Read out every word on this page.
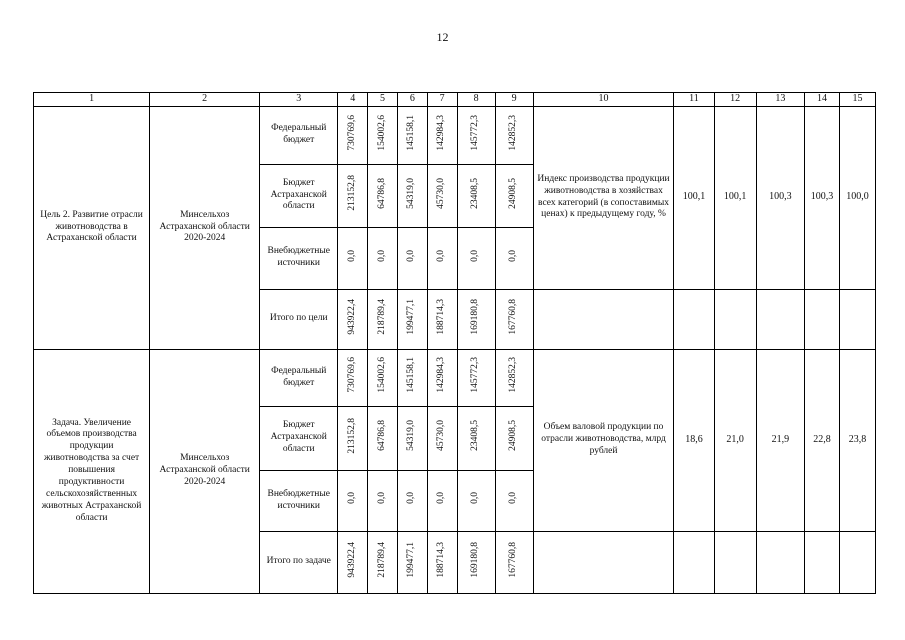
12
1	2	3	4	5	6	7	8	9	10	11	12	13	14	15
Цель 2. Развитие отрасли животноводства в Астраханской области	Минсельхоз Астраханской области 2020-2024	Федеральный бюджет	730769,6	154002,6	145158,1	142984,3	145772,3	142852,3	Индекс производства продукции животноводства в хозяйствах всех категорий (в сопоставимых ценах) к предыдущему году, %	100,1	100,1	100,3	100,3	100,0
		Бюджет Астраханской области	213152,8	64786,8	54319,0	45730,0	23408,5	24908,5						
		Внебюджетные источники	0,0	0,0	0,0	0,0	0,0	0,0						
		Итого по цели	943922,4	218789,4	199477,1	188714,3	169180,8	167760,8						
Задача. Увеличение объемов производства продукции животноводства за счет повышения продуктивности сельскохозяйственных животных Астраханской области	Минсельхоз Астраханской области 2020-2024	Федеральный бюджет	730769,6	154002,6	145158,1	142984,3	145772,3	142852,3	Объем валовой продукции по отрасли животноводства, млрд рублей	18,6	21,0	21,9	22,8	23,8
		Бюджет Астраханской области	213152,8	64786,8	54319,0	45730,0	23408,5	24908,5						
		Внебюджетные источники	0,0	0,0	0,0	0,0	0,0	0,0						
		Итого по задаче	943922,4	218789,4	199477,1	188714,3	169180,8	167760,8						
